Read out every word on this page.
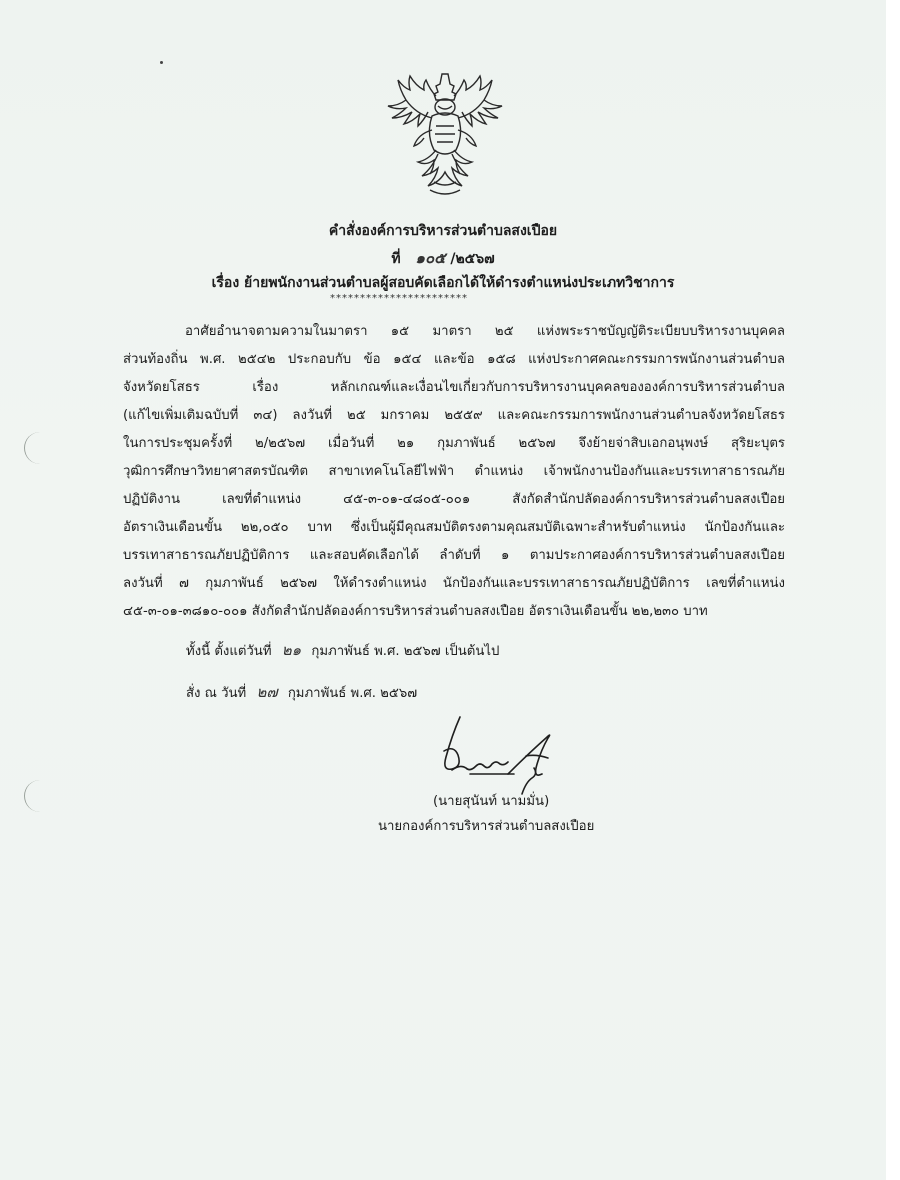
คำสั่งองค์การบริหารส่วนตำบลสงเปือย
ที่ ๑๐๕ /๒๕๖๗
เรื่อง ย้ายพนักงานส่วนตำบลผู้สอบคัดเลือกได้ให้ดำรงตำแหน่งประเภทวิชาการ
***********************
อาศัยอำนาจตามความในมาตรา ๑๕ มาตรา ๒๕ แห่งพระราชบัญญัติระเบียบบริหารงานบุคคล
ส่วนท้องถิ่น พ.ศ. ๒๕๔๒ ประกอบกับ ข้อ ๑๕๔ และข้อ ๑๕๘ แห่งประกาศคณะกรรมการพนักงานส่วนตำบล
จังหวัดยโสธร เรื่อง หลักเกณฑ์และเงื่อนไขเกี่ยวกับการบริหารงานบุคคลขององค์การบริหารส่วนตำบล
(แก้ไขเพิ่มเติมฉบับที่ ๓๔) ลงวันที่ ๒๕ มกราคม ๒๕๕๙ และคณะกรรมการพนักงานส่วนตำบลจังหวัดยโสธร
ในการประชุมครั้งที่ ๒/๒๕๖๗ เมื่อวันที่ ๒๑ กุมภาพันธ์ ๒๕๖๗ จึงย้ายจ่าสิบเอกอนุพงษ์ สุริยะบุตร
วุฒิการศึกษาวิทยาศาสตรบัณฑิต สาขาเทคโนโลยีไฟฟ้า ตำแหน่ง เจ้าพนักงานป้องกันและบรรเทาสาธารณภัย
ปฏิบัติงาน เลขที่ตำแหน่ง ๔๕-๓-๐๑-๔๘๐๕-๐๐๑ สังกัดสำนักปลัดองค์การบริหารส่วนตำบลสงเปือย
อัตราเงินเดือนขั้น ๒๒,๐๕๐ บาท ซึ่งเป็นผู้มีคุณสมบัติตรงตามคุณสมบัติเฉพาะสำหรับตำแหน่ง นักป้องกันและ
บรรเทาสาธารณภัยปฏิบัติการ และสอบคัดเลือกได้ ลำดับที่ ๑ ตามประกาศองค์การบริหารส่วนตำบลสงเปือย
ลงวันที่ ๗ กุมภาพันธ์ ๒๕๖๗ ให้ดำรงตำแหน่ง นักป้องกันและบรรเทาสาธารณภัยปฏิบัติการ เลขที่ตำแหน่ง
๔๕-๓-๐๑-๓๘๑๐-๐๐๑ สังกัดสำนักปลัดองค์การบริหารส่วนตำบลสงเปือย อัตราเงินเดือนขั้น ๒๒,๒๓๐ บาท
ทั้งนี้ ตั้งแต่วันที่ ๒๑ กุมภาพันธ์ พ.ศ. ๒๕๖๗ เป็นต้นไป
สั่ง ณ วันที่ ๒๗ กุมภาพันธ์ พ.ศ. ๒๕๖๗
(นายสุนันท์ นามมั่น)
นายกองค์การบริหารส่วนตำบลสงเปือย
